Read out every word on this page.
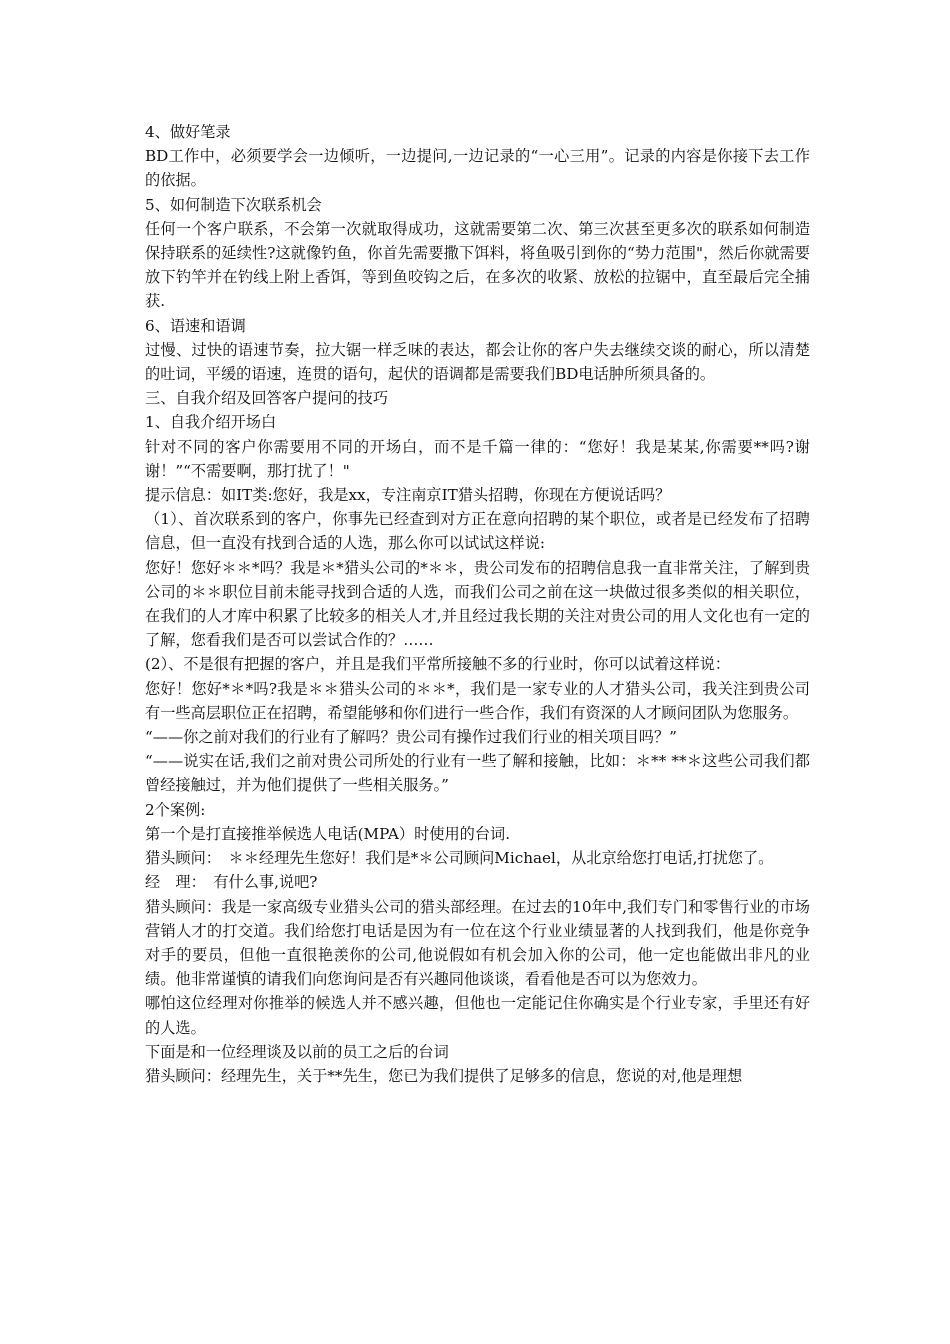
4、做好笔录

BD工作中，必须要学会一边倾听，一边提问,一边记录的“一心三用”。记录的内容是你接下去工作的依据。

5、如何制造下次联系机会

任何一个客户联系，不会第一次就取得成功，这就需要第二次、第三次甚至更多次的联系如何制造保持联系的延续性?这就像钓鱼，你首先需要撒下饵料，将鱼吸引到你的“势力范围"，然后你就需要放下钓竿并在钓线上附上香饵，等到鱼咬钩之后，在多次的收紧、放松的拉锯中，直至最后完全捕获.

6、语速和语调

过慢、过快的语速节奏，拉大锯一样乏味的表达，都会让你的客户失去继续交谈的耐心，所以清楚的吐词，平缓的语速，连贯的语句，起伏的语调都是需要我们BD电话肿所须具备的。

三、自我介绍及回答客户提问的技巧

1、自我介绍开场白

针对不同的客户你需要用不同的开场白，而不是千篇一律的：“您好！我是某某,你需要**吗?谢谢！”“不需要啊，那打扰了！"

提示信息：如IT类:您好，我是xx，专注南京IT猎头招聘，你现在方便说话吗？

（1）、首次联系到的客户，你事先已经查到对方正在意向招聘的某个职位，或者是已经发布了招聘信息，但一直没有找到合适的人选，那么你可以试试这样说:

您好！您好＊＊*吗？我是＊*猎头公司的*＊＊，贵公司发布的招聘信息我一直非常关注，了解到贵公司的＊＊职位目前未能寻找到合适的人选，而我们公司之前在这一块做过很多类似的相关职位，在我们的人才库中积累了比较多的相关人才,并且经过我长期的关注对贵公司的用人文化也有一定的了解，您看我们是否可以尝试合作的？……

(2）、不是很有把握的客户，并且是我们平常所接触不多的行业时，你可以试着这样说：

您好！您好*＊*吗?我是＊＊猎头公司的＊＊*，我们是一家专业的人才猎头公司，我关注到贵公司有一些高层职位正在招聘，希望能够和你们进行一些合作，我们有资深的人才顾问团队为您服务。

“——你之前对我们的行业有了解吗？贵公司有操作过我们行业的相关项目吗？”

“——说实在话,我们之前对贵公司所处的行业有一些了解和接触，比如：＊** **＊这些公司我们都曾经接触过，并为他们提供了一些相关服务。”

2个案例:

第一个是打直接推举候选人电话(MPA）时使用的台词.

猎头顾问：　＊＊经理先生您好！我们是*＊公司顾问Michael，从北京给您打电话,打扰您了。

经　理：　有什么事,说吧?

猎头顾问：我是一家高级专业猎头公司的猎头部经理。在过去的10年中,我们专门和零售行业的市场营销人才的打交道。我们给您打电话是因为有一位在这个行业业绩显著的人找到我们，他是你竞争对手的要员，但他一直很艳羡你的公司,他说假如有机会加入你的公司，他一定也能做出非凡的业绩。他非常谨慎的请我们向您询问是否有兴趣同他谈谈，看看他是否可以为您效力。

哪怕这位经理对你推举的候选人并不感兴趣，但他也一定能记住你确实是个行业专家，手里还有好的人选。

下面是和一位经理谈及以前的员工之后的台词

猎头顾问：经理先生，关于**先生，您已为我们提供了足够多的信息，您说的对,他是理想
